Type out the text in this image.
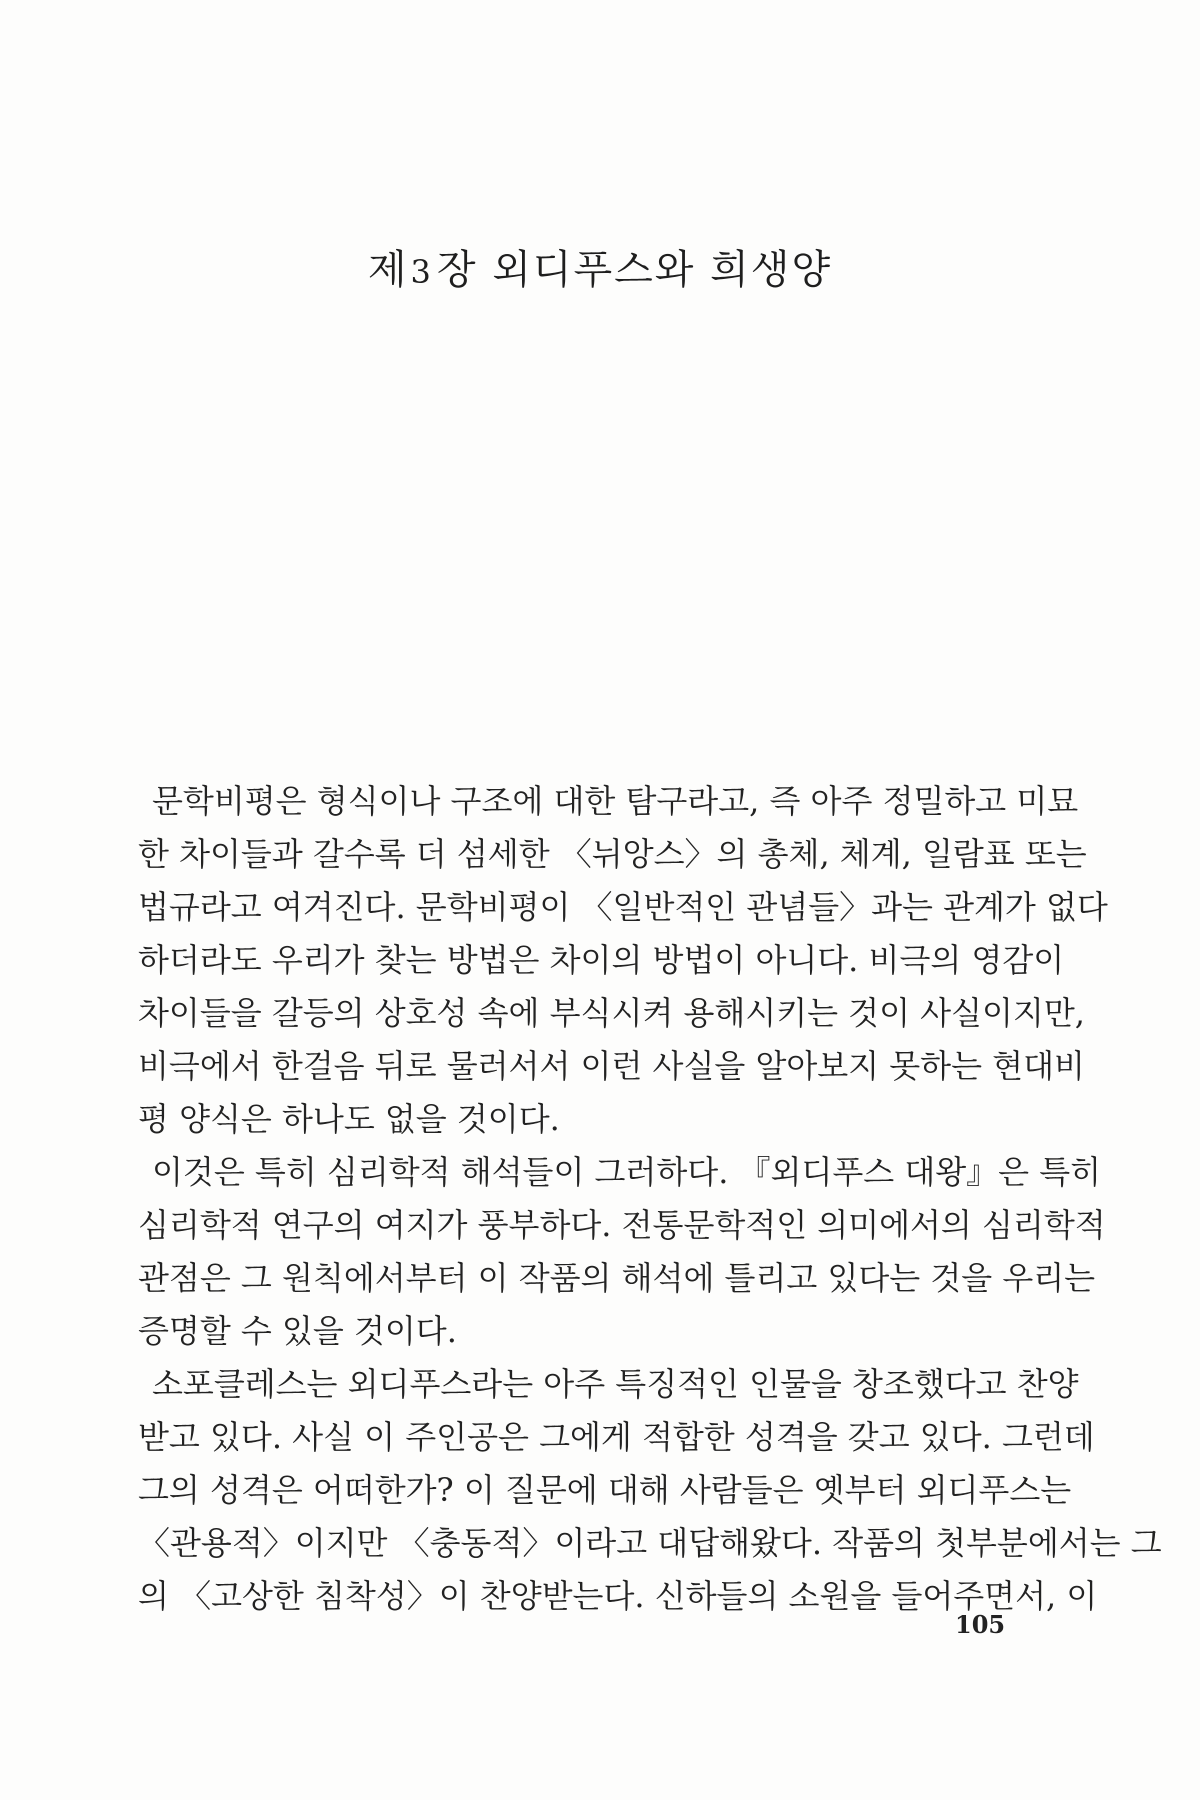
제3 장 외디푸스와 희생양
문학비평은 형식이나 구조에 대한 탐구라고, 즉 아주 정밀하고 미묘
한 차이들과 갈수록 더 섬세한 〈뉘앙스〉의 총체, 체계, 일람표 또는
법규라고 여겨진다. 문학비평이 〈일반적인 관념들〉과는 관계가 없다
하더라도 우리가 찾는 방법은 차이의 방법이 아니다. 비극의 영감이
차이들을 갈등의 상호성 속에 부식시켜 용해시키는 것이 사실이지만,
비극에서 한걸음 뒤로 물러서서 이런 사실을 알아보지 못하는 현대비
평 양식은 하나도 없을 것이다.
이것은 특히 심리학적 해석들이 그러하다. 『외디푸스 대왕』은 특히
심리학적 연구의 여지가 풍부하다. 전통문학적인 의미에서의 심리학적
관점은 그 원칙에서부터 이 작품의 해석에 틀리고 있다는 것을 우리는
증명할 수 있을 것이다.
소포클레스는 외디푸스라는 아주 특징적인 인물을 창조했다고 찬양
받고 있다. 사실 이 주인공은 그에게 적합한 성격을 갖고 있다. 그런데
그의 성격은 어떠한가? 이 질문에 대해 사람들은 옛부터 외디푸스는
〈관용적〉이지만 〈충동적〉이라고 대답해왔다. 작품의 첫부분에서는 그
의 〈고상한 침착성〉이 찬양받는다. 신하들의 소원을 들어주면서, 이
105
